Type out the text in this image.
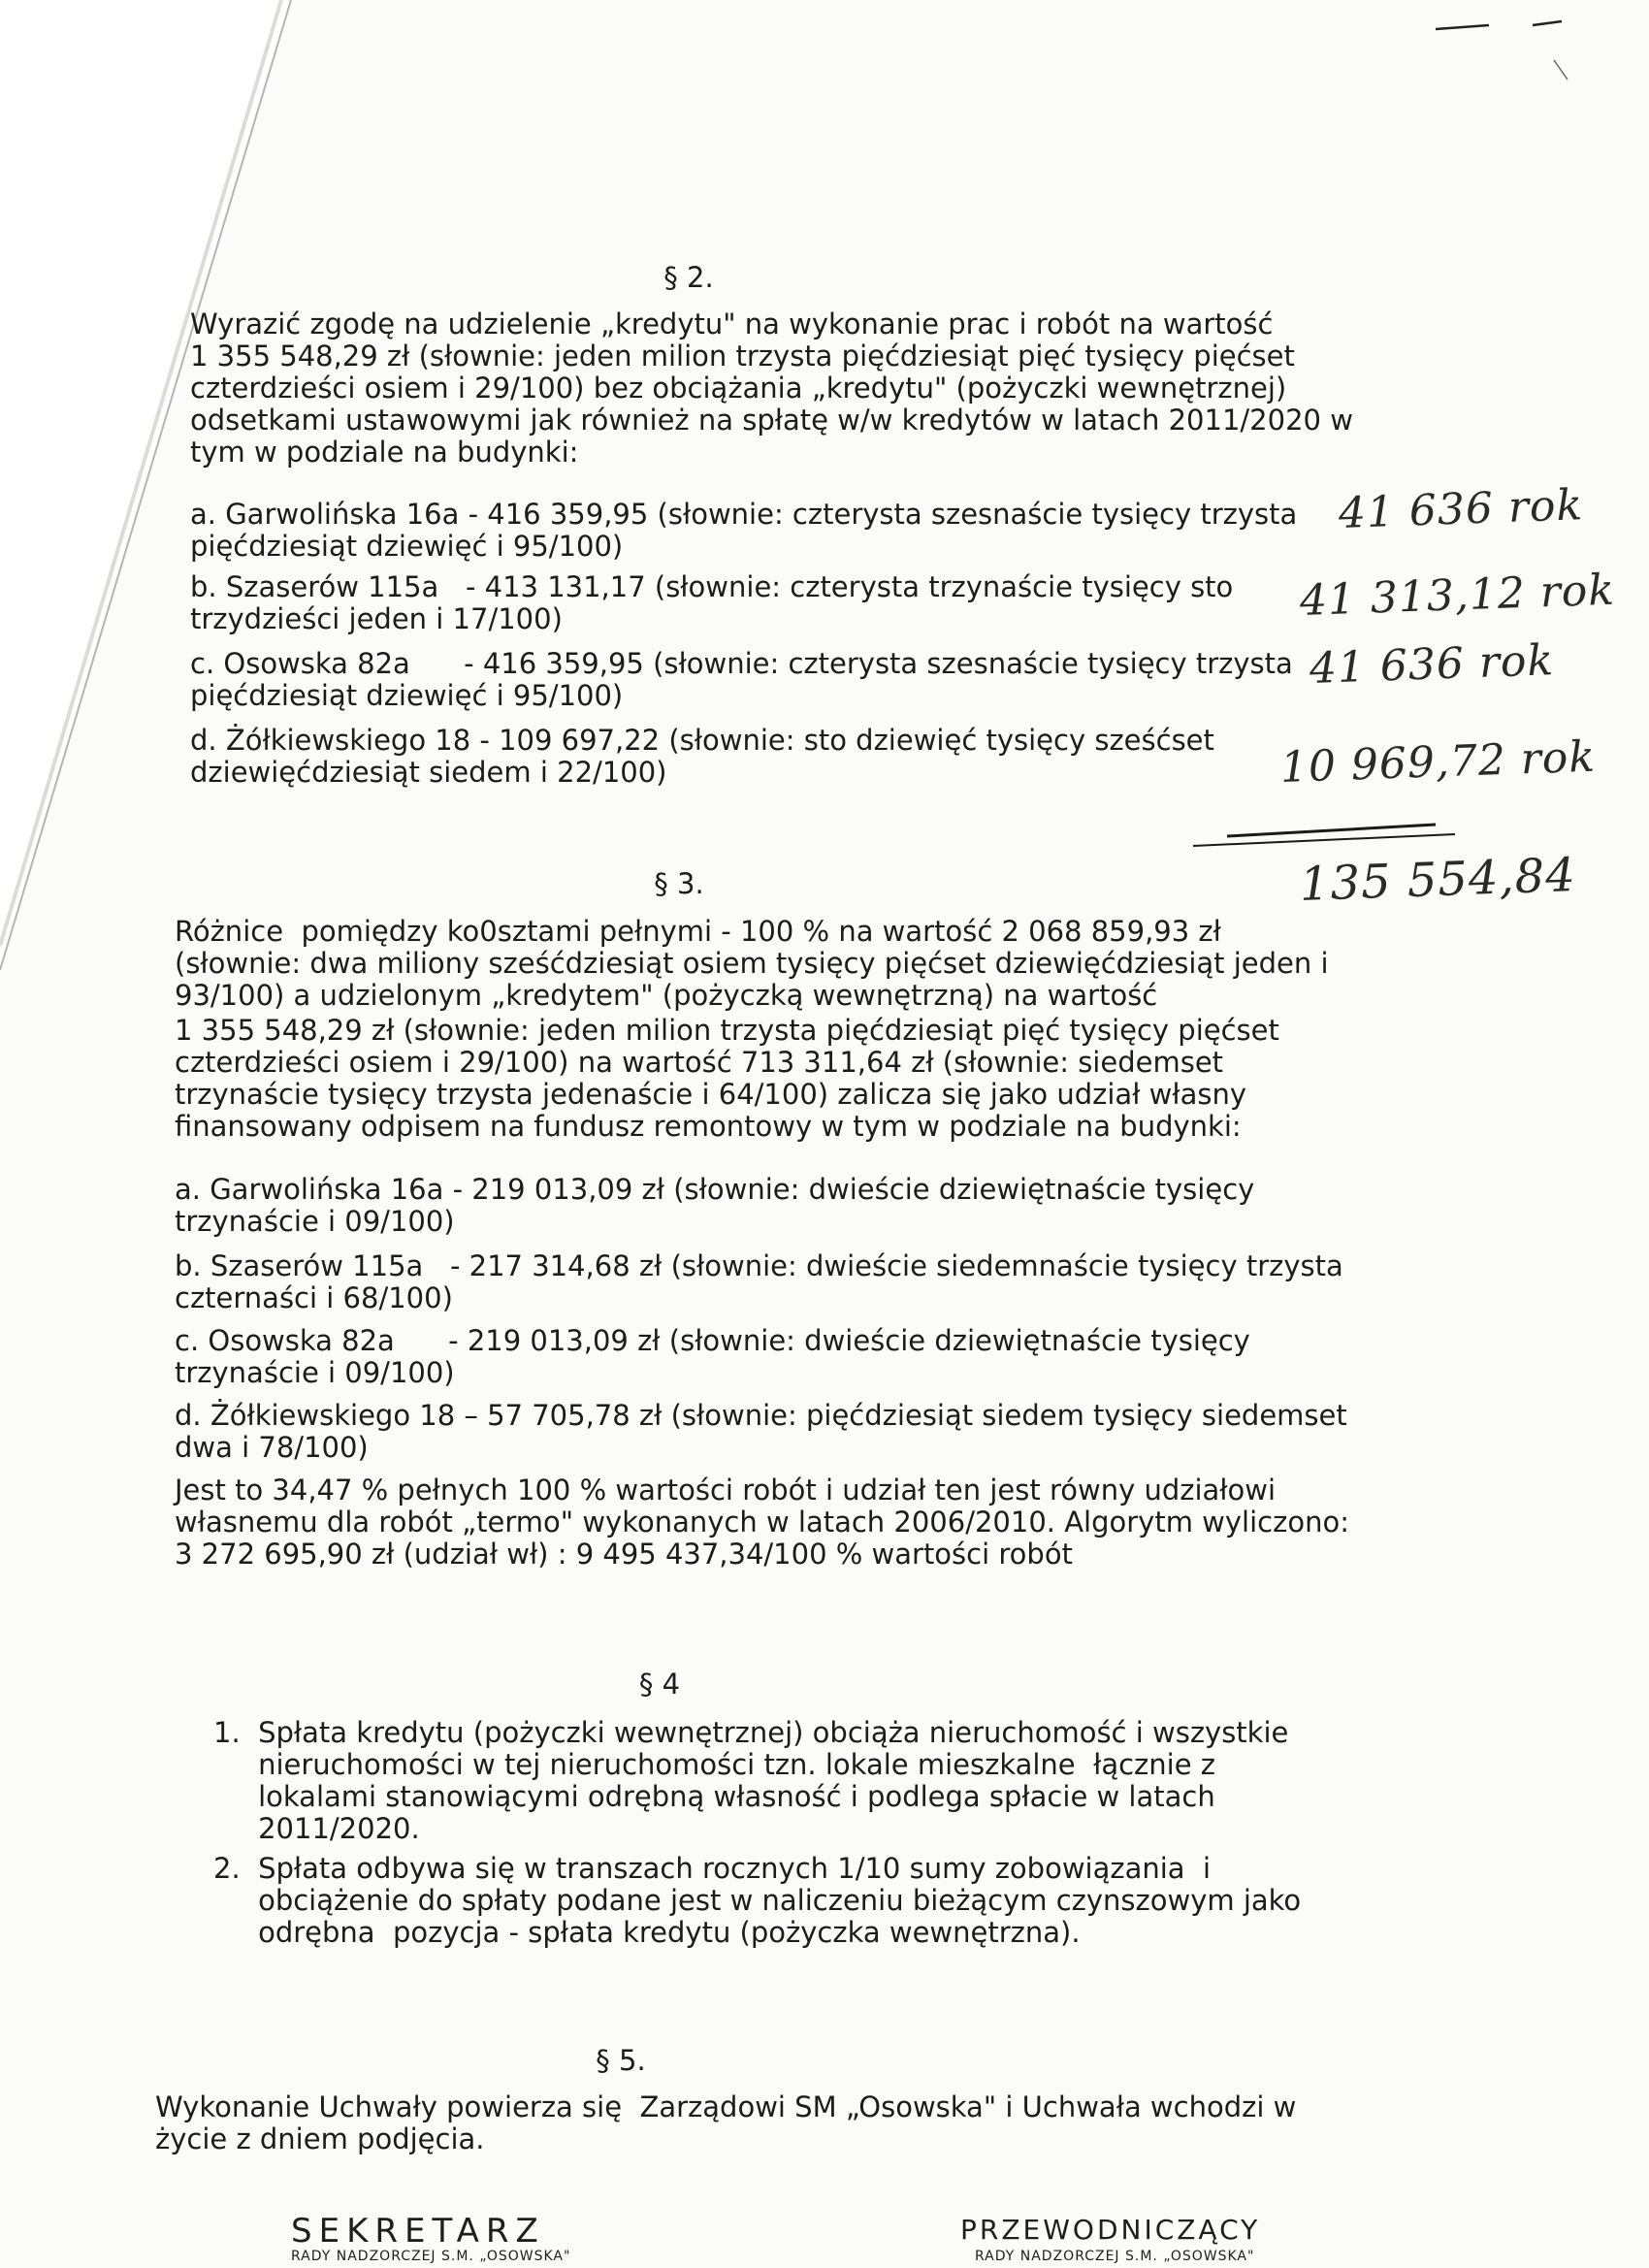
§ 2.

Wyrazić zgodę na udzielenie „kredytu" na wykonanie prac i robót na wartość

1 355 548,29 zł (słownie: jeden milion trzysta pięćdziesiąt pięć tysięcy pięćset

czterdzieści osiem i 29/100) bez obciążania „kredytu" (pożyczki wewnętrznej)

odsetkami ustawowymi jak również na spłatę w/w kredytów w latach 2011/2020 w

tym w podziale na budynki:

a. Garwolińska 16a - 416 359,95 (słownie: czterysta szesnaście tysięcy trzysta

pięćdziesiąt dziewięć i 95/100)

b. Szaserów 115a   - 413 131,17 (słownie: czterysta trzynaście tysięcy sto

trzydzieści jeden i 17/100)

c. Osowska 82a      - 416 359,95 (słownie: czterysta szesnaście tysięcy trzysta

pięćdziesiąt dziewięć i 95/100)

d. Żółkiewskiego 18 - 109 697,22 (słownie: sto dziewięć tysięcy sześćset

dziewięćdziesiąt siedem i 22/100)

41 636 rok

41 313,12 rok

41 636 rok

10 969,72 rok

135 554,84

§ 3.

Różnice  pomiędzy ko0sztami pełnymi - 100 % na wartość 2 068 859,93 zł

(słownie: dwa miliony sześćdziesiąt osiem tysięcy pięćset dziewięćdziesiąt jeden i

93/100) a udzielonym „kredytem" (pożyczką wewnętrzną) na wartość

1 355 548,29 zł (słownie: jeden milion trzysta pięćdziesiąt pięć tysięcy pięćset

czterdzieści osiem i 29/100) na wartość 713 311,64 zł (słownie: siedemset

trzynaście tysięcy trzysta jedenaście i 64/100) zalicza się jako udział własny

finansowany odpisem na fundusz remontowy w tym w podziale na budynki:

a. Garwolińska 16a - 219 013,09 zł (słownie: dwieście dziewiętnaście tysięcy

trzynaście i 09/100)

b. Szaserów 115a   - 217 314,68 zł (słownie: dwieście siedemnaście tysięcy trzysta

czternaści i 68/100)

c. Osowska 82a      - 219 013,09 zł (słownie: dwieście dziewiętnaście tysięcy

trzynaście i 09/100)

d. Żółkiewskiego 18 – 57 705,78 zł (słownie: pięćdziesiąt siedem tysięcy siedemset

dwa i 78/100)

Jest to 34,47 % pełnych 100 % wartości robót i udział ten jest równy udziałowi

własnemu dla robót „termo" wykonanych w latach 2006/2010. Algorytm wyliczono:

3 272 695,90 zł (udział wł) : 9 495 437,34/100 % wartości robót

§ 4

1.  Spłata kredytu (pożyczki wewnętrznej) obciąża nieruchomość i wszystkie

nieruchomości w tej nieruchomości tzn. lokale mieszkalne  łącznie z

lokalami stanowiącymi odrębną własność i podlega spłacie w latach

2011/2020.

2.  Spłata odbywa się w transzach rocznych 1/10 sumy zobowiązania  i

obciążenie do spłaty podane jest w naliczeniu bieżącym czynszowym jako

odrębna  pozycja - spłata kredytu (pożyczka wewnętrzna).

§ 5.

Wykonanie Uchwały powierza się  Zarządowi SM „Osowska" i Uchwała wchodzi w

życie z dniem podjęcia.

SEKRETARZ

RADY NADZORCZEJ S.M. „OSOWSKA"

PRZEWODNICZĄCY

RADY NADZORCZEJ S.M. „OSOWSKA"
